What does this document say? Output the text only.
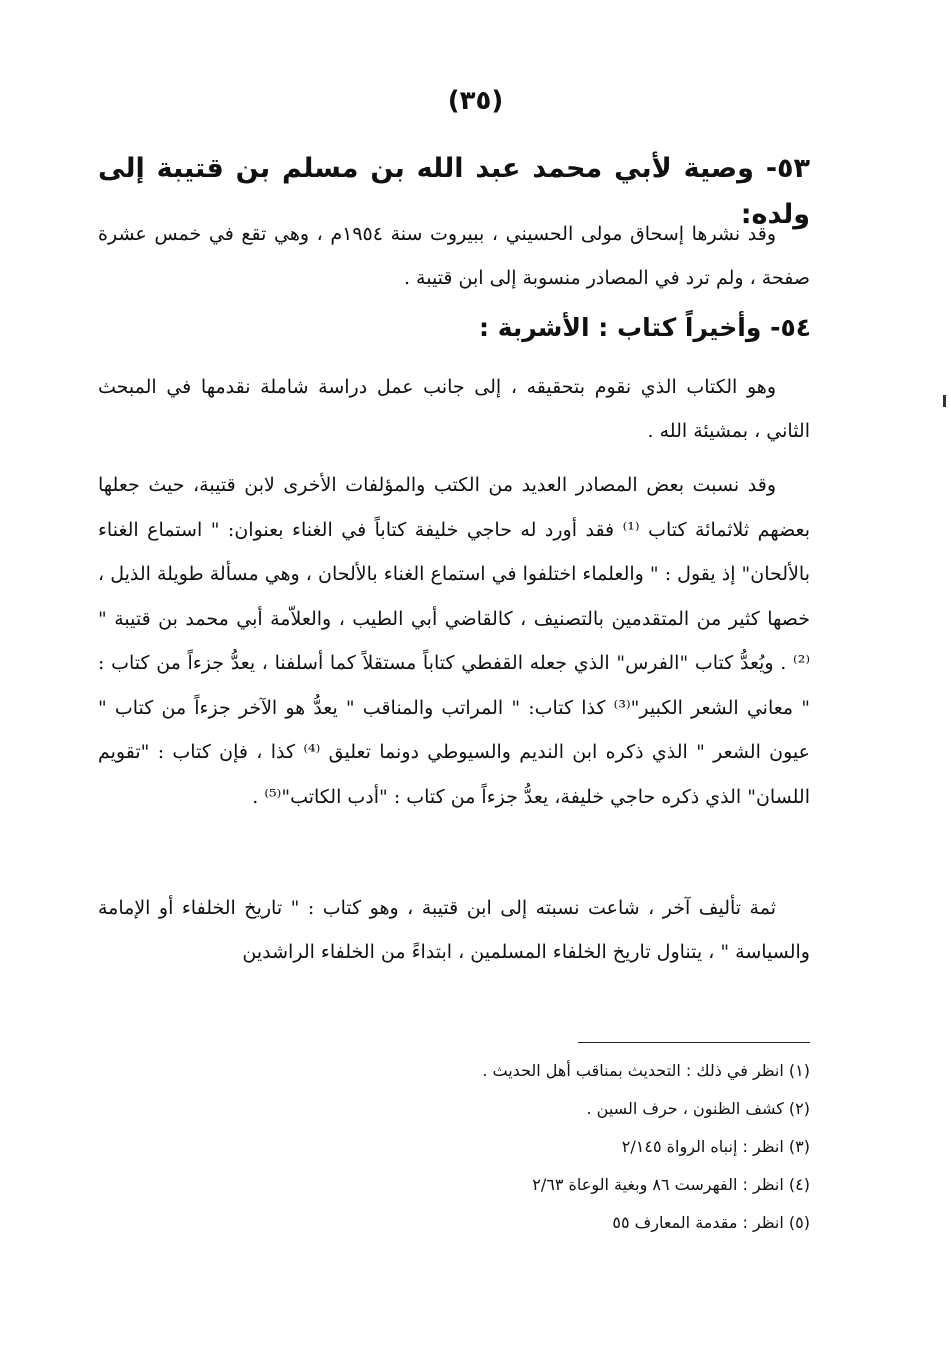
(٣٥)
٥٣- وصية لأبي محمد عبد الله بن مسلم بن قتيبة إلى ولده:

وقد نشرها إسحاق مولى الحسيني ، ببيروت سنة ١٩٥٤م ، وهي تقع في خمس عشرة صفحة ، ولم ترد في المصادر منسوبة إلى ابن قتيبة .

٥٤- وأخيراً كتاب : الأشربة :

وهو الكتاب الذي نقوم بتحقيقه ، إلى جانب عمل دراسة شاملة نقدمها في المبحث الثاني ، بمشيئة الله .

وقد نسبت بعض المصادر العديد من الكتب والمؤلفات الأخرى لابن قتيبة، حيث جعلها بعضهم ثلاثمائة كتاب ⁽¹⁾ فقد أورد له حاجي خليفة كتاباً في الغناء بعنوان: " استماع الغناء بالألحان" إذ يقول : " والعلماء اختلفوا في استماع الغناء بالألحان ، وهي مسألة طويلة الذيل ، خصها كثير من المتقدمين بالتصنيف ، كالقاضي أبي الطيب ، والعلاّمة أبي محمد بن قتيبة " ⁽²⁾ . ويُعدُّ كتاب "الفرس" الذي جعله القفطي كتاباً مستقلاً كما أسلفنا ، يعدُّ جزءاً من كتاب : " معاني الشعر الكبير"⁽³⁾ كذا كتاب: " المراتب والمناقب " يعدُّ هو الآخر جزءاً من كتاب " عيون الشعر " الذي ذكره ابن النديم والسيوطي دونما تعليق ⁽⁴⁾ كذا ، فإن كتاب : "تقويم اللسان" الذي ذكره حاجي خليفة، يعدُّ جزءاً من كتاب : "أدب الكاتب"⁽⁵⁾ .

ثمة تأليف آخر ، شاعت نسبته إلى ابن قتيبة ، وهو كتاب : " تاريخ الخلفاء أو الإمامة والسياسة " ، يتناول تاريخ الخلفاء المسلمين ، ابتداءً من الخلفاء الراشدين

(١) انظر في ذلك : التحديث بمناقب أهل الحديث .
(٢) كشف الظنون ، حرف السين .
(٣) انظر : إنباه الرواة ٢/١٤٥
(٤) انظر : الفهرست ٨٦ وبغية الوعاة ٢/٦٣
(٥) انظر : مقدمة المعارف ٥٥
